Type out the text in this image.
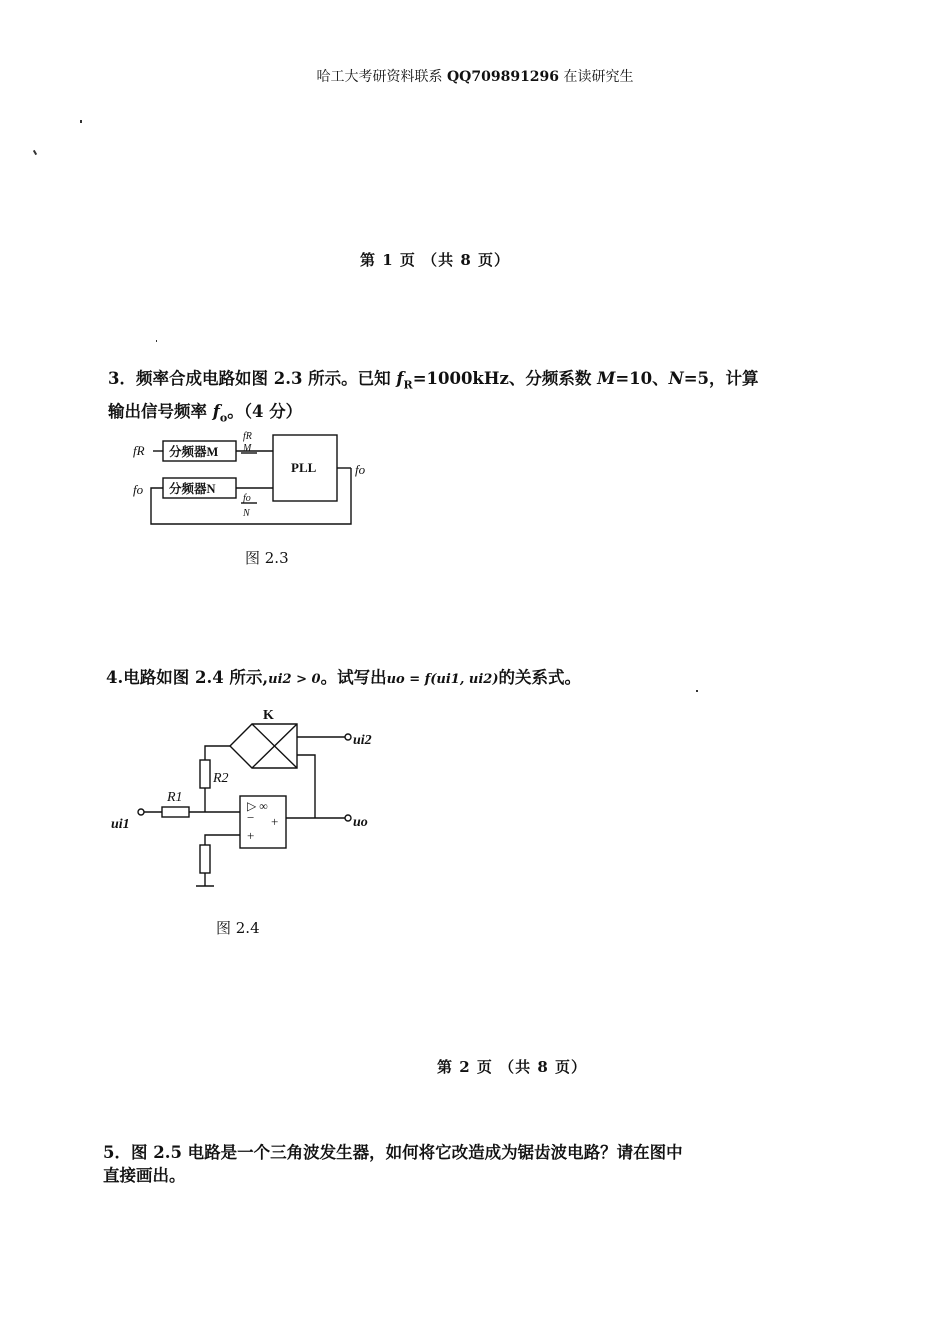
哈工大考研资料联系 QQ709891296 在读研究生
第 1 页 （共 8 页）
3．频率合成电路如图 2.3 所示。已知 $f_R=1000kHz$、分频系数 M=10、N=5，计算
输出信号频率 $f_o$。（4 分）
fR
fo
分频器M
分频器N
PLL
fR
M
fo
N
fo
图 2.3
4.电路如图 2.4 所示,ui2 > 0。试写出uo = f(ui1, ui2)的关系式。
K
ui2
R2
R1
ui1	uo
▷ ∞
− +
+
图 2.4
第 2 页 （共 8 页）
5．图 2.5 电路是一个三角波发生器，如何将它改造成为锯齿波电路？请在图中
直接画出。
